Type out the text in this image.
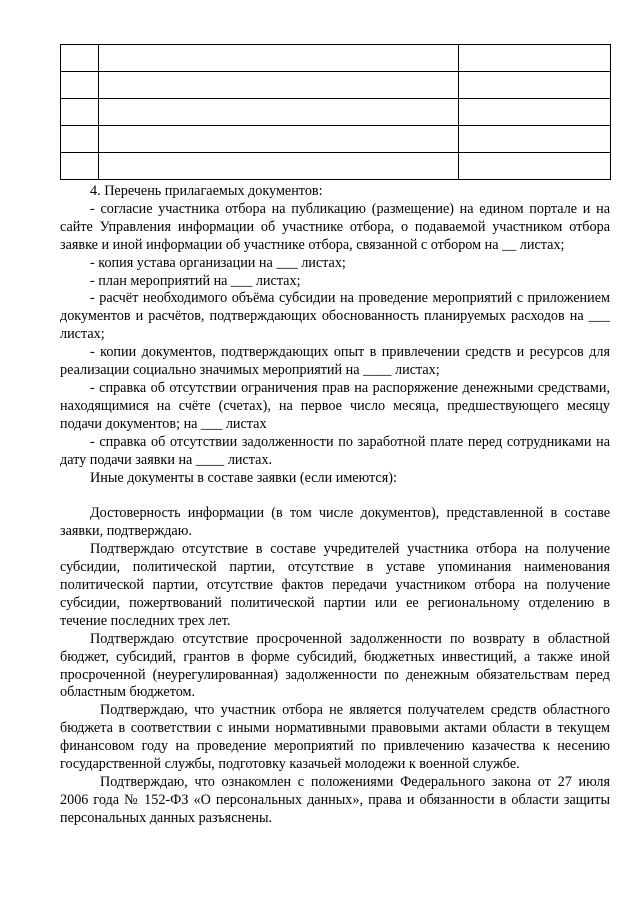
4. Перечень прилагаемых документов:

- согласие участника отбора на публикацию (размещение) на едином портале и на сайте Управления информации об участнике отбора, о подаваемой участником отбора заявке и иной информации об участнике отбора, связанной с отбором на __ листах;

- копия устава организации на ___ листах;

- план мероприятий на ___ листах;

- расчёт необходимого объёма субсидии на проведение мероприятий с приложением документов и расчётов, подтверждающих обоснованность планируемых расходов на ___ листах;

- копии документов, подтверждающих опыт в привлечении средств и ресурсов для реализации социально значимых мероприятий на ____ листах;

- справка об отсутствии ограничения прав на распоряжение денежными средствами, находящимися на счёте (счетах), на первое число месяца, предшествующего месяцу подачи документов; на ___ листах

- справка об отсутствии задолженности по заработной плате перед сотрудниками на дату подачи заявки на ____ листах.

Иные документы в составе заявки (если имеются):

Достоверность информации (в том числе документов), представленной в составе заявки, подтверждаю.

Подтверждаю отсутствие в составе учредителей участника отбора на получение субсидии, политической партии, отсутствие в уставе упоминания наименования политической партии, отсутствие фактов передачи участником отбора на получение субсидии, пожертвований политической партии или ее региональному отделению в течение последних трех лет.

Подтверждаю отсутствие просроченной задолженности по возврату в областной бюджет, субсидий, грантов в форме субсидий, бюджетных инвестиций, а также иной просроченной (неурегулированная) задолженности по денежным обязательствам перед областным бюджетом.

Подтверждаю, что участник отбора не является получателем средств областного бюджета в соответствии с иными нормативными правовыми актами области в текущем финансовом году на проведение мероприятий по привлечению казачества к несению государственной службы, подготовку казачьей молодежи к военной службе.

Подтверждаю, что ознакомлен с положениями Федерального закона от 27 июля 2006 года № 152-ФЗ «О персональных данных», права и обязанности в области защиты персональных данных разъяснены.
